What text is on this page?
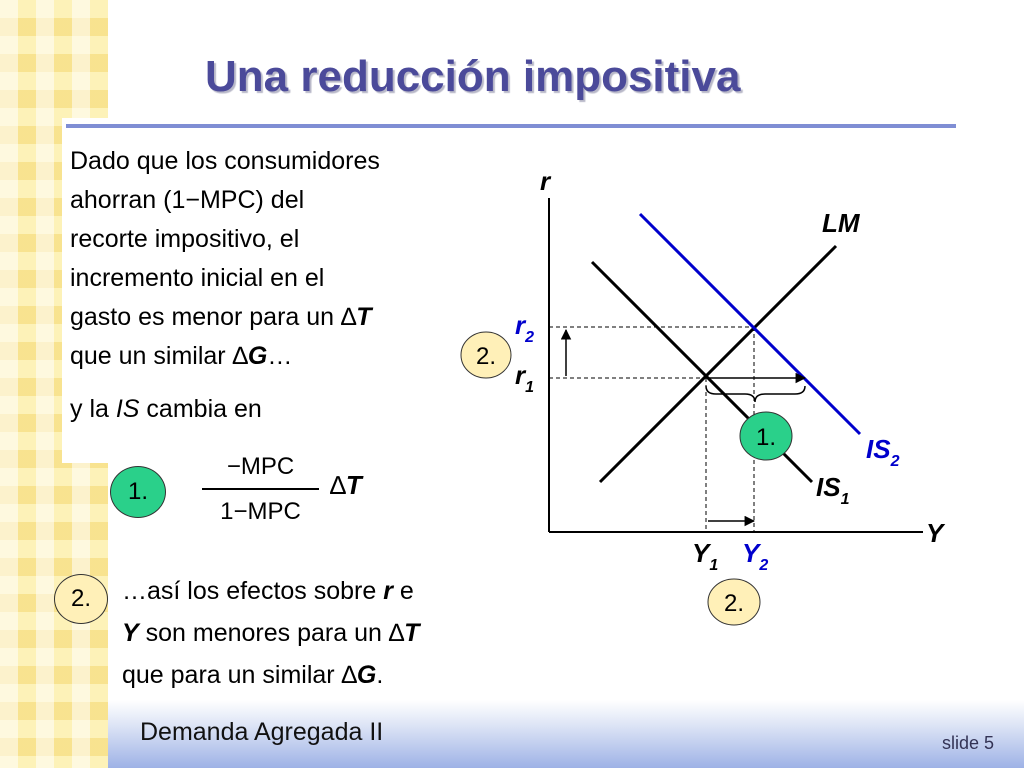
Una reducción impositiva
Dado que los consumidores
ahorran (1−MPC) del
recorte impositivo, el
incremento inicial en el
gasto es menor para un ∆T
que un similar ∆G…
y la IS cambia en
1.
−MPC
1−MPC
∆T
2.	…así los efectos sobre r e
Y son menores para un ∆T
que para un similar ∆G.
r
Y
LM
$IS_2$
$IS_1$
$r_2$
$r_1$
$Y_1$ $Y_2$
1.
2.
2.
Demanda Agregada II	slide 5
